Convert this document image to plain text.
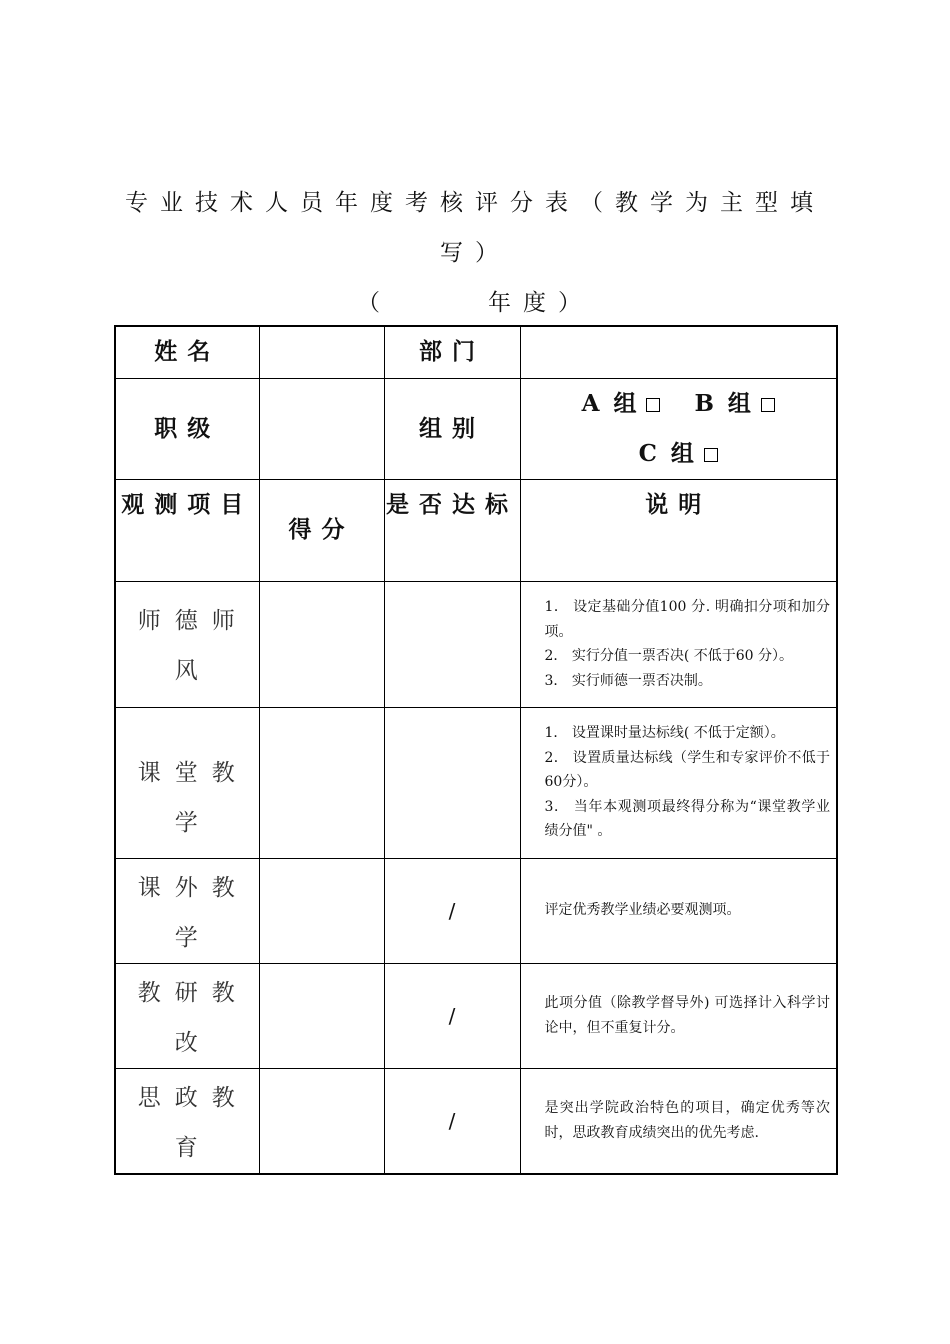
专业技术人员年度考核评分表（教学为主型填
写）
（	年度）
姓名		部门	
职级		组别	A 组 B 组
C 组

观测项目	得分	是否达标	说明
师德师风			1． 设定基础分值100 分. 明确扣分项和加分项。

2． 实行分值一票否决( 不低于60 分）。

3． 实行师德一票否决制。

课堂教学			1． 设置课时量达标线( 不低于定额）。

2． 设置质量达标线（学生和专家评价不低于60分）。

3． 当年本观测项最终得分称为“课堂教学业绩分值" 。

课外教学		/	评定优秀教学业绩必要观测项。

教研教改		/	此项分值（除教学督导外) 可选择计入科学讨论中，但不重复计分。

思政教育		/	是突出学院政治特色的项目，确定优秀等次时，思政教育成绩突出的优先考虑.
